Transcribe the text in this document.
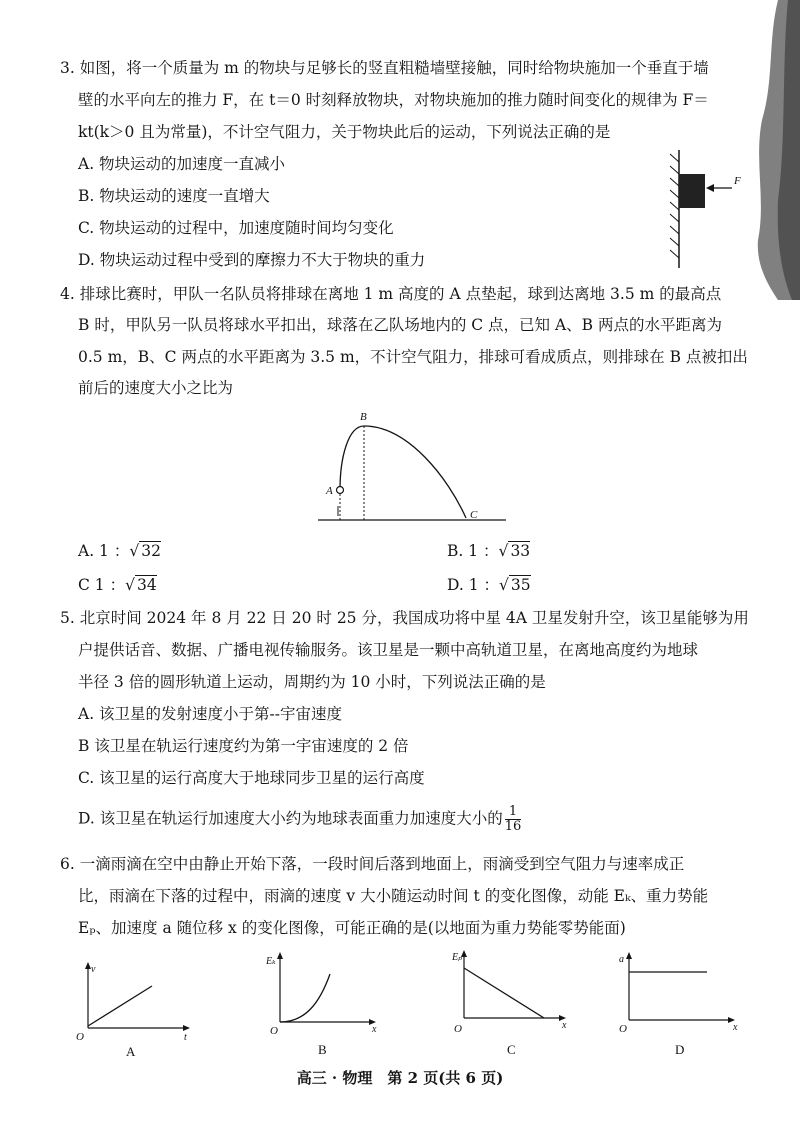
3. 如图，将一个质量为 m 的物块与足够长的竖直粗糙墙壁接触，同时给物块施加一个垂直于墙
壁的水平向左的推力 F，在 t＝0 时刻释放物块，对物块施加的推力随时间变化的规律为 F＝
kt(k＞0 且为常量)，不计空气阻力，关于物块此后的运动，下列说法正确的是
A. 物块运动的加速度一直减小
B. 物块运动的速度一直增大
C. 物块运动的过程中，加速度随时间均匀变化
D. 物块运动过程中受到的摩擦力不大于物块的重力
F
4. 排球比赛时，甲队一名队员将排球在离地 1 m 高度的 A 点垫起，球到达离地 3.5 m 的最高点
B 时，甲队另一队员将球水平扣出，球落在乙队场地内的 C 点，已知 A、B 两点的水平距离为
0.5 m，B、C 两点的水平距离为 3.5 m，不计空气阻力，排球可看成质点，则排球在 B 点被扣出
前后的速度大小之比为
B
A
C
A. 1 ：√ 32	B. 1 ：√ 33
C 1 ：√ 34	D. 1 ：√ 35
5. 北京时间 2024 年 8 月 22 日 20 时 25 分，我国成功将中星 4A 卫星发射升空，该卫星能够为用
户提供话音、数据、广播电视传输服务。该卫星是一颗中高轨道卫星，在离地高度约为地球
半径 3 倍的圆形轨道上运动，周期约为 10 小时，下列说法正确的是
A. 该卫星的发射速度小于第--宇宙速度
B 该卫星在轨运行速度约为第一宇宙速度的 2 倍
C. 该卫星的运行高度大于地球同步卫星的运行高度
D. 该卫星在轨运行加速度大小约为地球表面重力加速度大小的 $\frac{1}{16}$
6. 一滴雨滴在空中由静止开始下落，一段时间后落到地面上，雨滴受到空气阻力与速率成正
比，雨滴在下落的过程中，雨滴的速度 v 大小随运动时间 t 的变化图像，动能 Eₖ、重力势能
Eₚ、加速度 a 随位移 x 的变化图像，可能正确的是(以地面为重力势能零势能面)
v
t
O
A
Eₖ
x
O
B
Eₚ
x
O
C
a
x
O
D
高三 · 物理　第 2 页(共 6 页)
